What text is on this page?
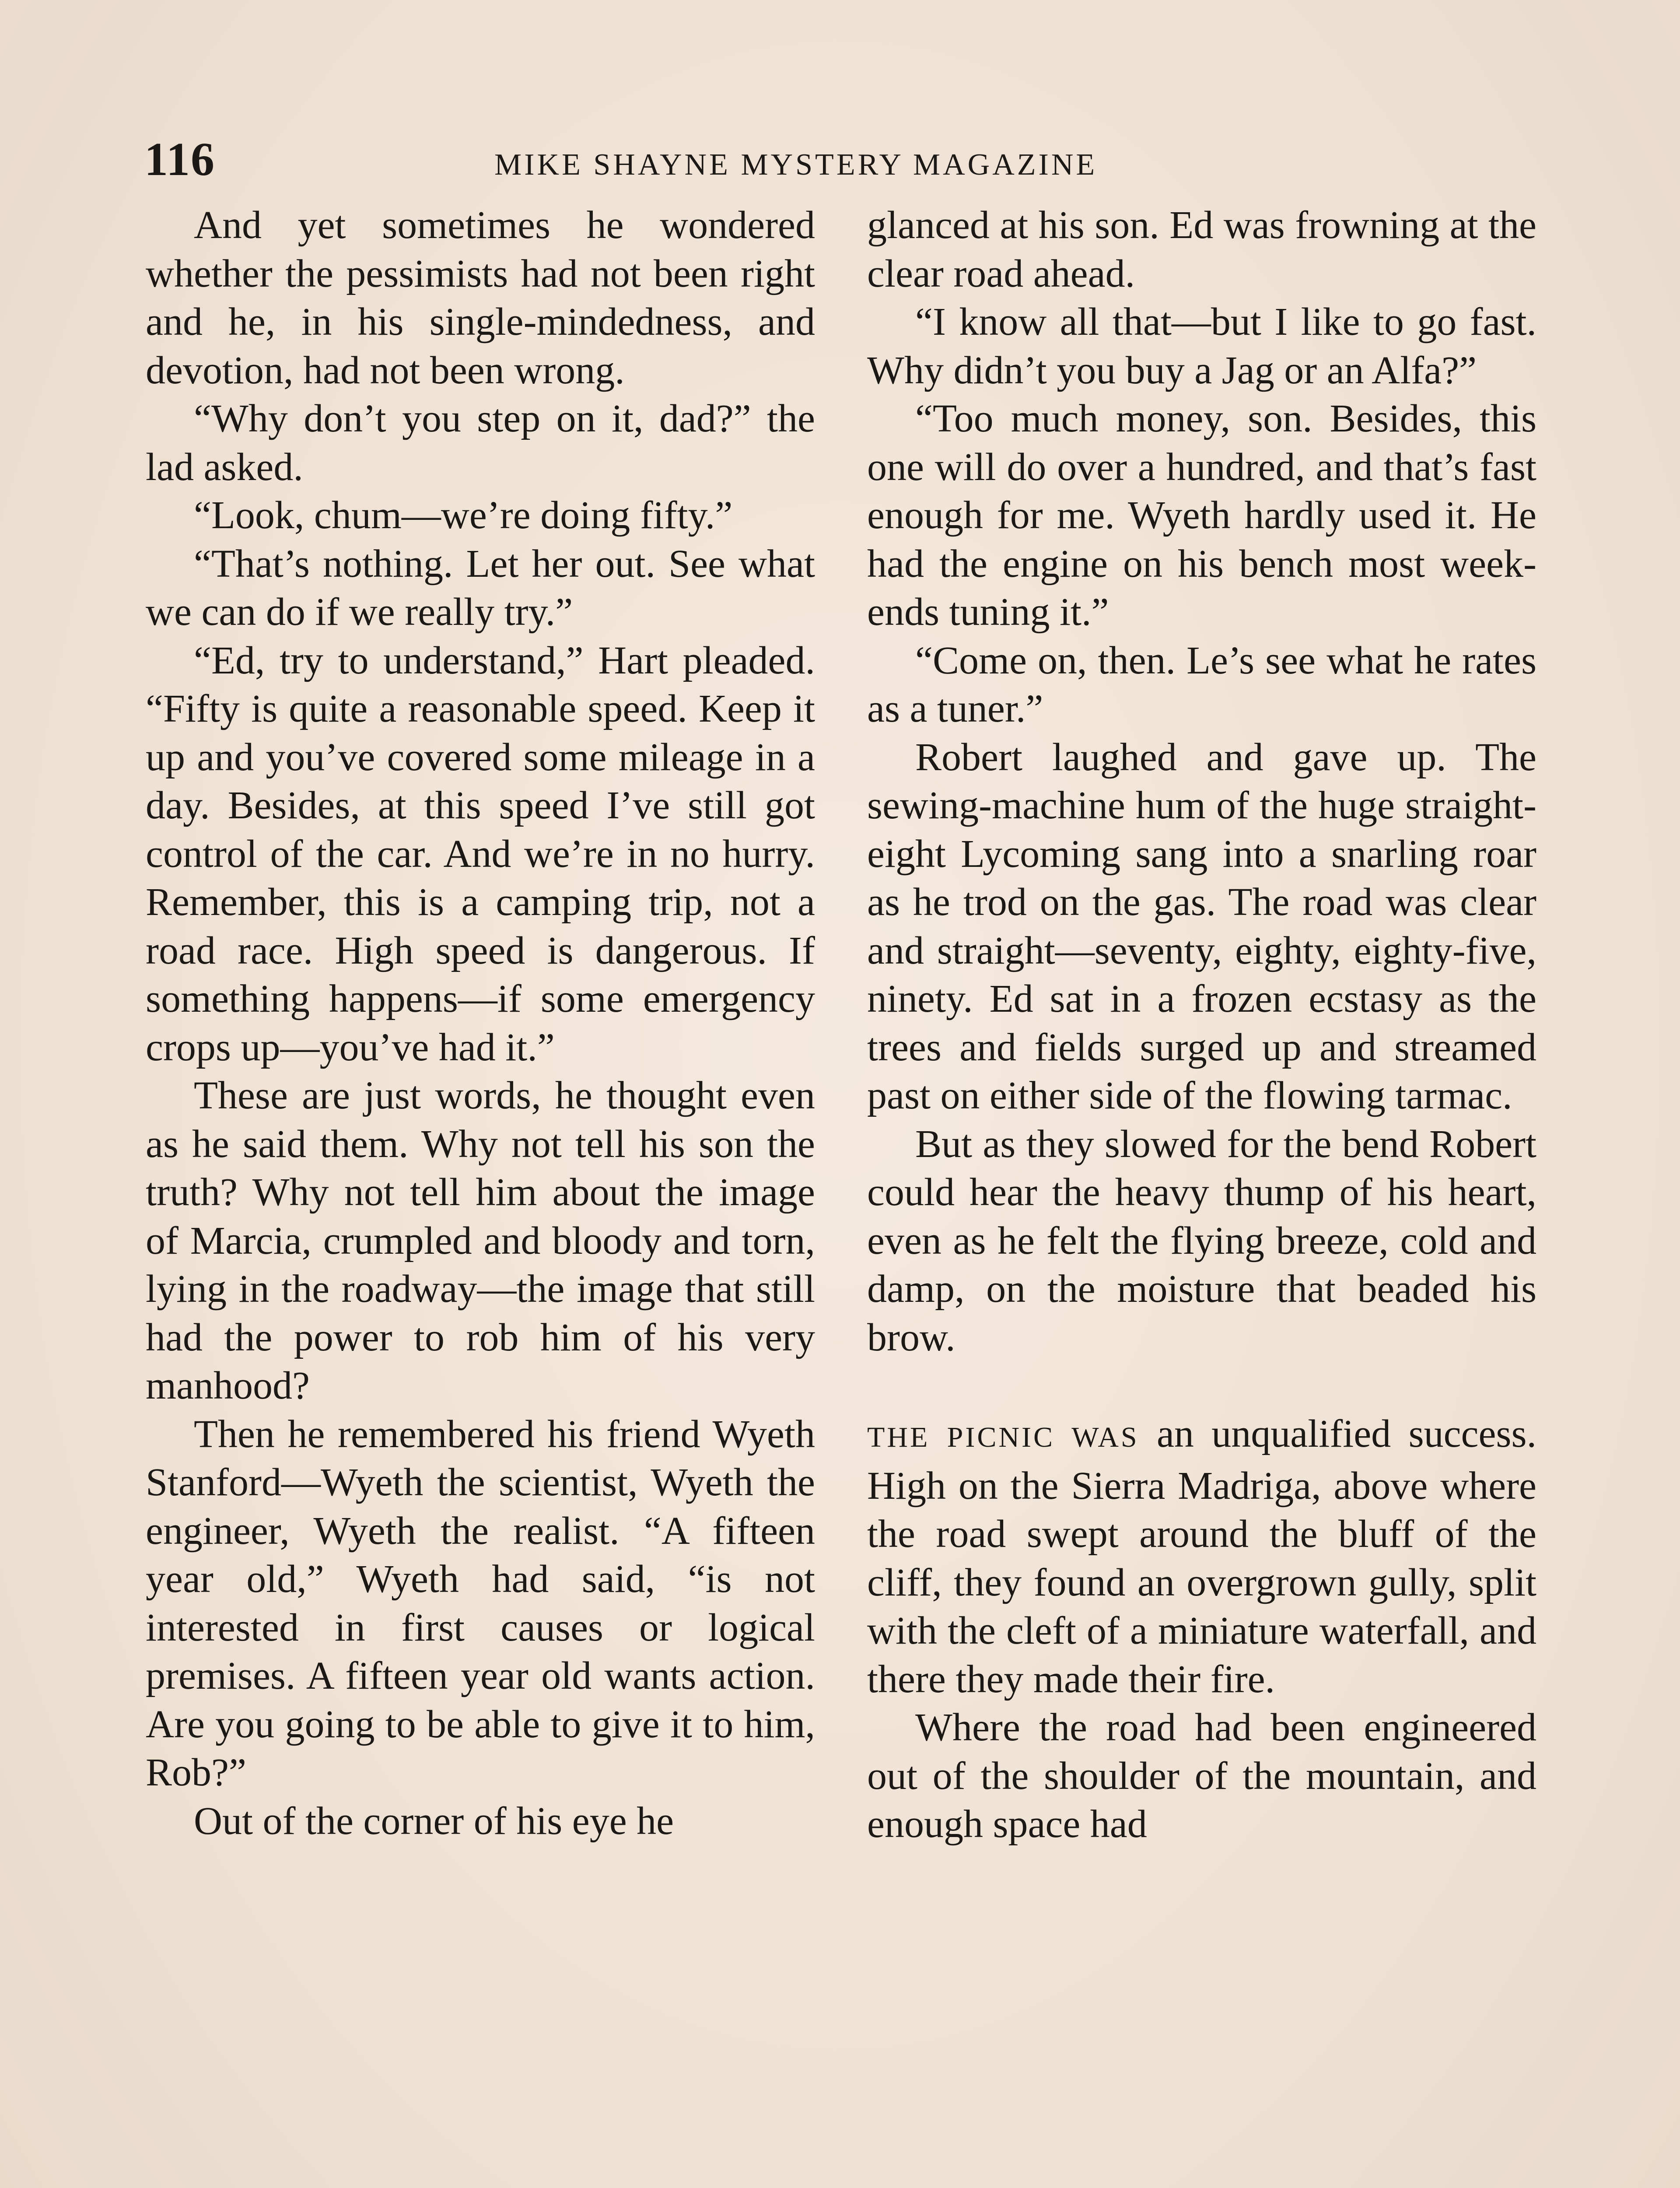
116	MIKE SHAYNE MYSTERY MAGAZINE

And yet sometimes he wondered whether the pessimists had not been right and he, in his single-mindedness, and devotion, had not been wrong.

“Why don’t you step on it, dad?” the lad asked.

“Look, chum—we’re doing fifty.”

“That’s nothing. Let her out. See what we can do if we really try.”

“Ed, try to understand,” Hart pleaded. “Fifty is quite a reasonable speed. Keep it up and you’ve covered some mileage in a day. Besides, at this speed I’ve still got control of the car. And we’re in no hurry. Remember, this is a camping trip, not a road race. High speed is dangerous. If something happens—if some emergency crops up—you’ve had it.”

These are just words, he thought even as he said them. Why not tell his son the truth? Why not tell him about the image of Marcia, crumpled and bloody and torn, lying in the roadway—the image that still had the power to rob him of his very manhood?

Then he remembered his friend Wyeth Stanford—Wyeth the scientist, Wyeth the engineer, Wyeth the realist. “A fifteen year old,” Wyeth had said, “is not interested in first causes or logical premises. A fifteen year old wants action. Are you going to be able to give it to him, Rob?”

Out of the corner of his eye he

glanced at his son. Ed was frowning at the clear road ahead.

“I know all that—but I like to go fast. Why didn’t you buy a Jag or an Alfa?”

“Too much money, son. Besides, this one will do over a hundred, and that’s fast enough for me. Wyeth hardly used it. He had the engine on his bench most week-ends tuning it.”

“Come on, then. Le’s see what he rates as a tuner.”

Robert laughed and gave up. The sewing-machine hum of the huge straight-eight Lycoming sang into a snarling roar as he trod on the gas. The road was clear and straight—seventy, eighty, eighty-five, ninety. Ed sat in a frozen ecstasy as the trees and fields surged up and streamed past on either side of the flowing tarmac.

But as they slowed for the bend Robert could hear the heavy thump of his heart, even as he felt the flying breeze, cold and damp, on the moisture that beaded his brow.

THE PICNIC WAS an unqualified success. High on the Sierra Madriga, above where the road swept around the bluff of the cliff, they found an overgrown gully, split with the cleft of a miniature waterfall, and there they made their fire.

Where the road had been engineered out of the shoulder of the mountain, and enough space had
